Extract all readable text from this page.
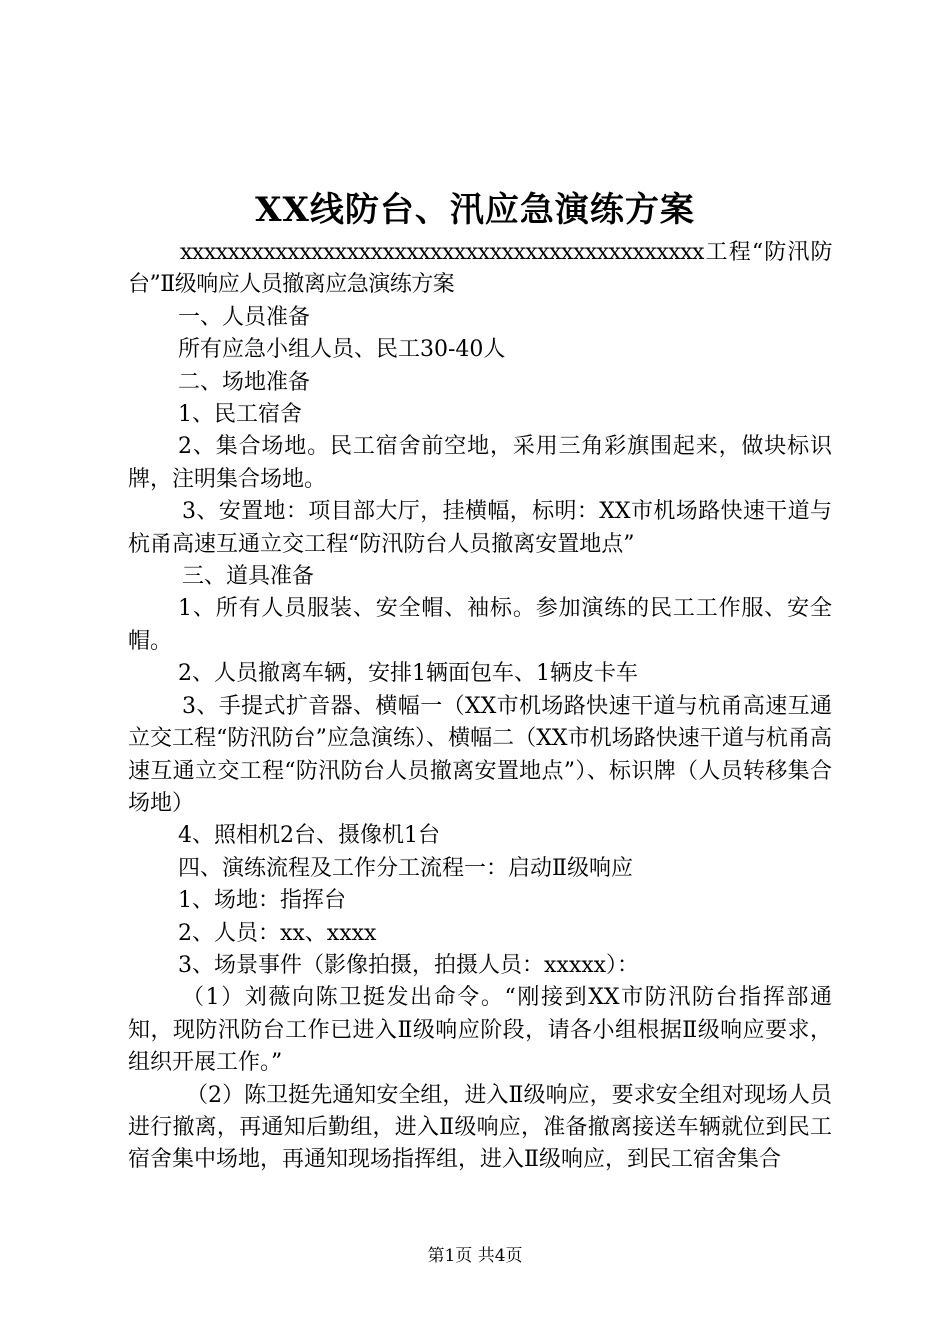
XX线防台、汛应急演练方案

xxxxxxxxxxxxxxxxxxxxxxxxxxxxxxxxxxxxxxxxxxxx工程“防汛防台”Ⅱ级响应人员撤离应急演练方案

一、人员准备

所有应急小组人员、民工30-40人

二、场地准备

1、民工宿舍

2、集合场地。民工宿舍前空地，采用三角彩旗围起来，做块标识牌，注明集合场地。

3、安置地：项目部大厅，挂横幅，标明：XX市机场路快速干道与杭甬高速互通立交工程“防汛防台人员撤离安置地点”

三、道具准备

1、所有人员服装、安全帽、袖标。参加演练的民工工作服、安全帽。

2、人员撤离车辆，安排1辆面包车、1辆皮卡车

3、手提式扩音器、横幅一（XX市机场路快速干道与杭甬高速互通立交工程“防汛防台”应急演练）、横幅二（XX市机场路快速干道与杭甬高速互通立交工程“防汛防台人员撤离安置地点”）、标识牌（人员转移集合场地）

4、照相机2台、摄像机1台

四、演练流程及工作分工流程一：启动Ⅱ级响应

1、场地：指挥台

2、人员：xx、xxxx

3、场景事件（影像拍摄，拍摄人员：xxxxx）：

（1）刘薇向陈卫挺发出命令。“刚接到XX市防汛防台指挥部通知，现防汛防台工作已进入Ⅱ级响应阶段，请各小组根据Ⅱ级响应要求，组织开展工作。”

（2）陈卫挺先通知安全组，进入Ⅱ级响应，要求安全组对现场人员进行撤离，再通知后勤组，进入Ⅱ级响应，准备撤离接送车辆就位到民工宿舍集中场地，再通知现场指挥组，进入Ⅱ级响应，到民工宿舍集合

第1页 共4页
